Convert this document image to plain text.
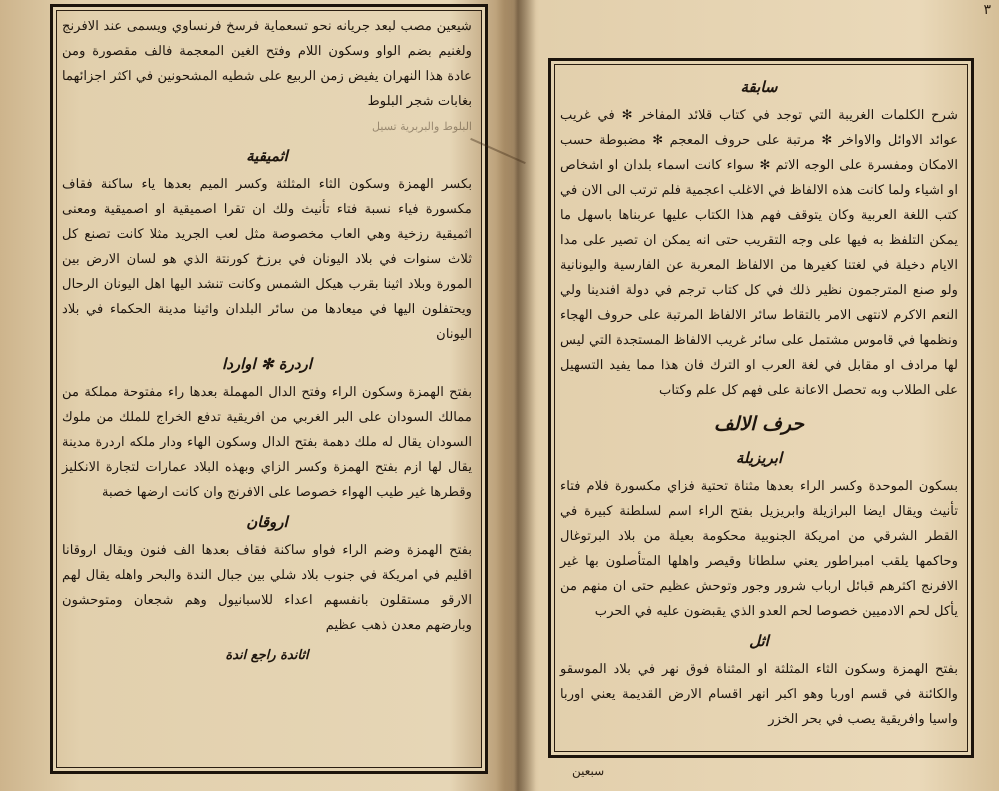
شيعين مصب لبعد جريانه نحو تسعماية فرسخ فرنساوي ويسمى عند الافرنج ولغنيم بضم الواو وسكون اللام وفتح الغين المعجمة فالف مقصورة ومن عادة هذا النهران يفيض زمن الربيع على شطيه المشحونين في اكثر اجزائهما بغابات شجر البلوط

البلوط والبربرية تسيل

اثميقية

بكسر الهمزة وسكون الثاء المثلثة وكسر الميم بعدها ياء ساكنة فقاف مكسورة فياء نسبة فتاء تأنيث ولك ان تقرا اصميقية او اصميقية ومعنى اثميقية رزخية وهي العاب مخصوصة مثل لعب الجريد مثلا كانت تصنع كل ثلاث سنوات في بلاد اليونان في برزخ كورنتة الذي هو لسان الارض بين المورة وبلاد اثينا بقرب هيكل الشمس وكانت تنشد اليها اهل اليونان الرحال ويحتفلون اليها في ميعادها من سائر البلدان واثينا مدينة الحكماء في بلاد اليونان

اردرة ✻ اواردا

بفتح الهمزة وسكون الراء وفتح الدال المهملة بعدها راء مفتوحة مملكة من ممالك السودان على البر الغربي من افريقية تدفع الخراج للملك من ملوك السودان يقال له ملك دهمة بفتح الدال وسكون الهاء ودار ملكه اردرة مدينة يقال لها ازم بفتح الهمزة وكسر الزاي وبهذه البلاد عمارات لتجارة الانكليز وقطرها غير طيب الهواء خصوصا على الافرنج وان كانت ارضها خصبة

اروقان

بفتح الهمزة وضم الراء فواو ساكنة فقاف بعدها الف فنون ويقال اروقانا اقليم في امريكة في جنوب بلاد شلي بين جبال الندة والبحر واهله يقال لهم الارقو مستقلون بانفسهم اعداء للاسبانيول وهم شجعان ومتوحشون وبارضهم معدن ذهب عظيم

اثاندة راجع اندة
٣
سابقة

شرح الكلمات الغريبة التي توجد في كتاب قلائد المفاخر ✻ في غريب عوائد الاوائل والاواخر ✻ مرتبة على حروف المعجم ✻ مضبوطة حسب الامكان ومفسرة على الوجه الاتم ✻ سواء كانت اسماء بلدان او اشخاص او اشياء ولما كانت هذه الالفاظ في الاغلب اعجمية فلم ترتب الى الان في كتب اللغة العربية وكان يتوقف فهم هذا الكتاب عليها عربناها باسهل ما يمكن التلفظ به فيها على وجه التقريب حتى انه يمكن ان تصير على مدا الايام دخيلة في لغتنا كغيرها من الالفاظ المعربة عن الفارسية واليونانية ولو صنع المترجمون نظير ذلك في كل كتاب ترجم في دولة افندينا ولي النعم الاكرم لانتهى الامر بالتقاط سائر الالفاظ المرتبة على حروف الهجاء ونظمها في قاموس مشتمل على سائر غريب الالفاظ المستجدة التي ليس لها مرادف او مقابل في لغة العرب او الترك فان هذا مما يفيد التسهيل على الطلاب وبه تحصل الاعانة على فهم كل علم وكتاب

حرف الالف
ابريزيلة

بسكون الموحدة وكسر الراء بعدها مثناة تحتية فزاي مكسورة فلام فتاء تأنيث ويقال ايضا البرازيلة وابريزيل بفتح الراء اسم لسلطنة كبيرة في القطر الشرقي من امريكة الجنوبية محكومة بعيلة من بلاد البرتوغال وحاكمها يلقب امبراطور يعني سلطانا وقيصر واهلها المتأصلون بها غير الافرنج اكثرهم قبائل ارباب شرور وجور وتوحش عظيم حتى ان منهم من يأكل لحم الادميين خصوصا لحم العدو الذي يقبضون عليه في الحرب

اثل

بفتح الهمزة وسكون الثاء المثلثة او المثناة فوق نهر في بلاد الموسقو والكائنة في قسم اوربا وهو اكبر انهر اقسام الارض القديمة يعني اوربا واسيا وافريقية يصب في بحر الخزر

سبعين
